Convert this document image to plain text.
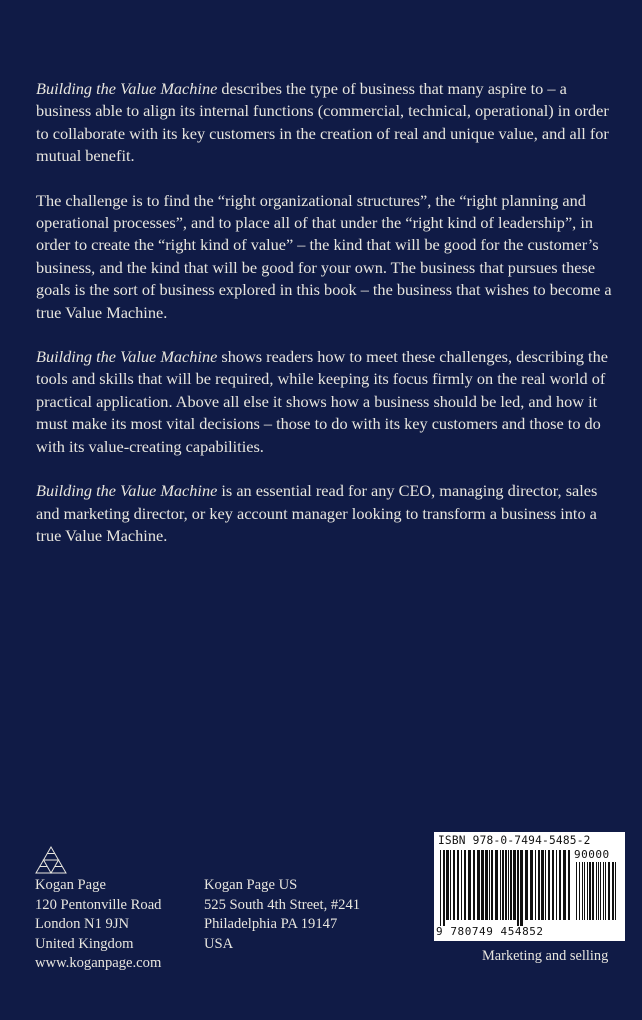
Building the Value Machine describes the type of business that many aspire to – a business able to align its internal functions (commercial, technical, operational) in order to collaborate with its key customers in the creation of real and unique value, and all for mutual benefit.

The challenge is to find the “right organizational structures”, the “right planning and operational processes”, and to place all of that under the “right kind of leadership”, in order to create the “right kind of value” – the kind that will be good for the customer’s business, and the kind that will be good for your own. The business that pursues these goals is the sort of business explored in this book – the business that wishes to become a true Value Machine.

Building the Value Machine shows readers how to meet these challenges, describing the tools and skills that will be required, while keeping its focus firmly on the real world of practical application. Above all else it shows how a business should be led, and how it must make its most vital decisions – those to do with its key customers and those to do with its value-creating capabilities.

Building the Value Machine is an essential read for any CEO, managing director, sales and marketing director, or key account manager looking to transform a business into a true Value Machine.

Kogan Page
120 Pentonville Road
London N1 9JN
United Kingdom
www.koganpage.com
Kogan Page US
525 South 4th Street, #241
Philadelphia PA 19147
USA
ISBN 978-0-7494-5485-2
90000
9 780749 454852
Marketing and selling
